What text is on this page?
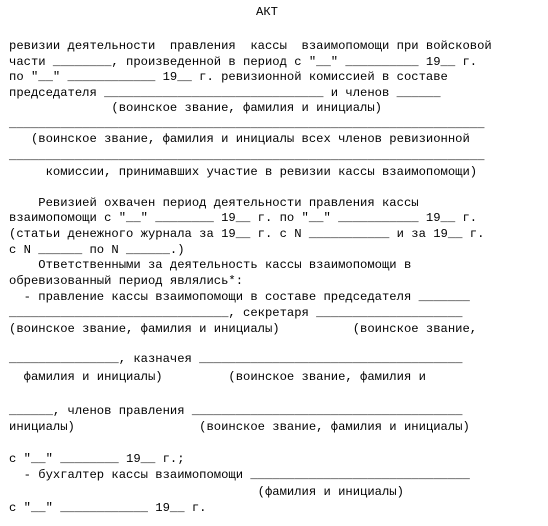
АКТ
ревизии деятельности  правления  кассы  взаимопомощи при войсковой
части ________, произведенной в период с "__" __________ 19__ г.
по "__" ____________ 19__ г. ревизионной комиссией в составе
председателя ______________________________ и членов ______
(воинское звание, фамилия и инициалы)
_________________________________________________________________
(воинское звание, фамилия и инициалы всех членов ревизионной
_________________________________________________________________
комиссии, принимавших участие в ревизии кассы взаимопомощи)
Ревизией охвачен период деятельности правления кассы
взаимопомощи с "__" ________ 19__ г. по "__" ___________ 19__ г.
(статьи денежного журнала за 19__ г. с N ___________ и за 19__ г.
с N ______ по N ______.)
Ответственными за деятельность кассы взаимопомощи в
обревизованный период являлись*:
- правление кассы взаимопомощи в составе председателя _______
______________________________, секретаря ____________________
(воинское звание, фамилия и инициалы)          (воинское звание,
_______________, казначея ____________________________________
фамилия и инициалы)         (воинское звание, фамилия и
______, членов правления _____________________________________
инициалы)                 (воинское звание, фамилия и инициалы)
с "__" ________ 19__ г.;
- бухгалтер кассы взаимопомощи ______________________________
(фамилия и инициалы)
с "__" ____________ 19__ г.
